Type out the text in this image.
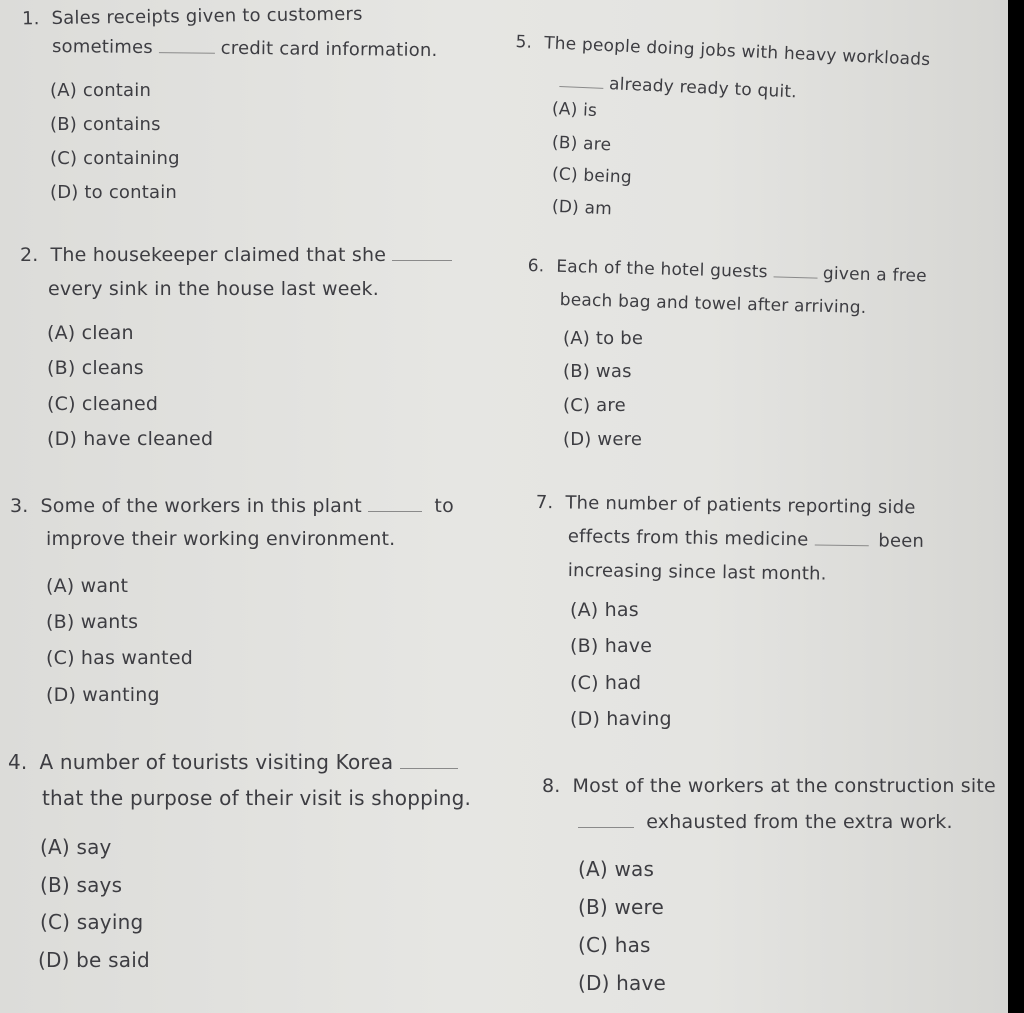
1. Sales receipts given to customers
sometimes	credit card information.
(A) contain
(B) contains
(C) containing
(D) to contain
5. The people doing jobs with heavy workloads
already ready to quit.
(A) is
(B) are
(C) being
(D) am
2. The housekeeper claimed that she
every sink in the house last week.
(A) clean
(B) cleans
(C) cleaned
(D) have cleaned
6. Each of the hotel guests	given a free
beach bag and towel after arriving.
(A) to be
(B) was
(C) are
(D) were
3. Some of the workers in this plant	to
improve their working environment.
(A) want
(B) wants
(C) has wanted
(D) wanting
7. The number of patients reporting side
effects from this medicine	been
increasing since last month.
(A) has
(B) have
(C) had
(D) having
4. A number of tourists visiting Korea
that the purpose of their visit is shopping.
(A) say
(B) says
(C) saying
(D) be said
8. Most of the workers at the construction site
exhausted from the extra work.
(A) was
(B) were
(C) has
(D) have
